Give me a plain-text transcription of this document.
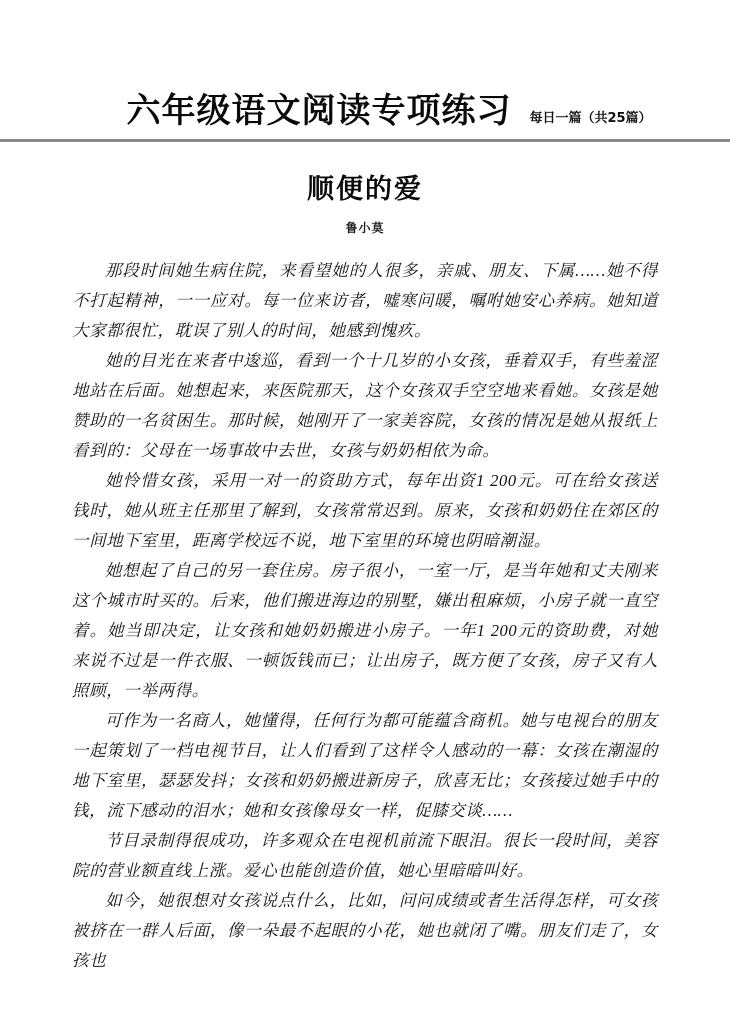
六年级语文阅读专项练习 每日一篇（共25篇）
顺便的爱
鲁小莫

那段时间她生病住院，来看望她的人很多，亲戚、朋友、下属……她不得不打起精神，一一应对。每一位来访者，嘘寒问暖，嘱咐她安心养病。她知道大家都很忙，耽误了别人的时间，她感到愧疚。

她的目光在来者中逡巡，看到一个十几岁的小女孩，垂着双手，有些羞涩地站在后面。她想起来，来医院那天，这个女孩双手空空地来看她。女孩是她赞助的一名贫困生。那时候，她刚开了一家美容院，女孩的情况是她从报纸上看到的：父母在一场事故中去世，女孩与奶奶相依为命。

她怜惜女孩，采用一对一的资助方式，每年出资1 200元。可在给女孩送钱时，她从班主任那里了解到，女孩常常迟到。原来，女孩和奶奶住在郊区的一间地下室里，距离学校远不说，地下室里的环境也阴暗潮湿。

她想起了自己的另一套住房。房子很小，一室一厅，是当年她和丈夫刚来这个城市时买的。后来，他们搬进海边的别墅，嫌出租麻烦，小房子就一直空着。她当即决定，让女孩和她奶奶搬进小房子。一年1 200元的资助费，对她来说不过是一件衣服、一顿饭钱而已；让出房子，既方便了女孩，房子又有人照顾，一举两得。

可作为一名商人，她懂得，任何行为都可能蕴含商机。她与电视台的朋友一起策划了一档电视节目，让人们看到了这样令人感动的一幕：女孩在潮湿的地下室里，瑟瑟发抖；女孩和奶奶搬进新房子，欣喜无比；女孩接过她手中的钱，流下感动的泪水；她和女孩像母女一样，促膝交谈……

节目录制得很成功，许多观众在电视机前流下眼泪。很长一段时间，美容院的营业额直线上涨。爱心也能创造价值，她心里暗暗叫好。

如今，她很想对女孩说点什么，比如，问问成绩或者生活得怎样，可女孩被挤在一群人后面，像一朵最不起眼的小花，她也就闭了嘴。朋友们走了，女孩也
